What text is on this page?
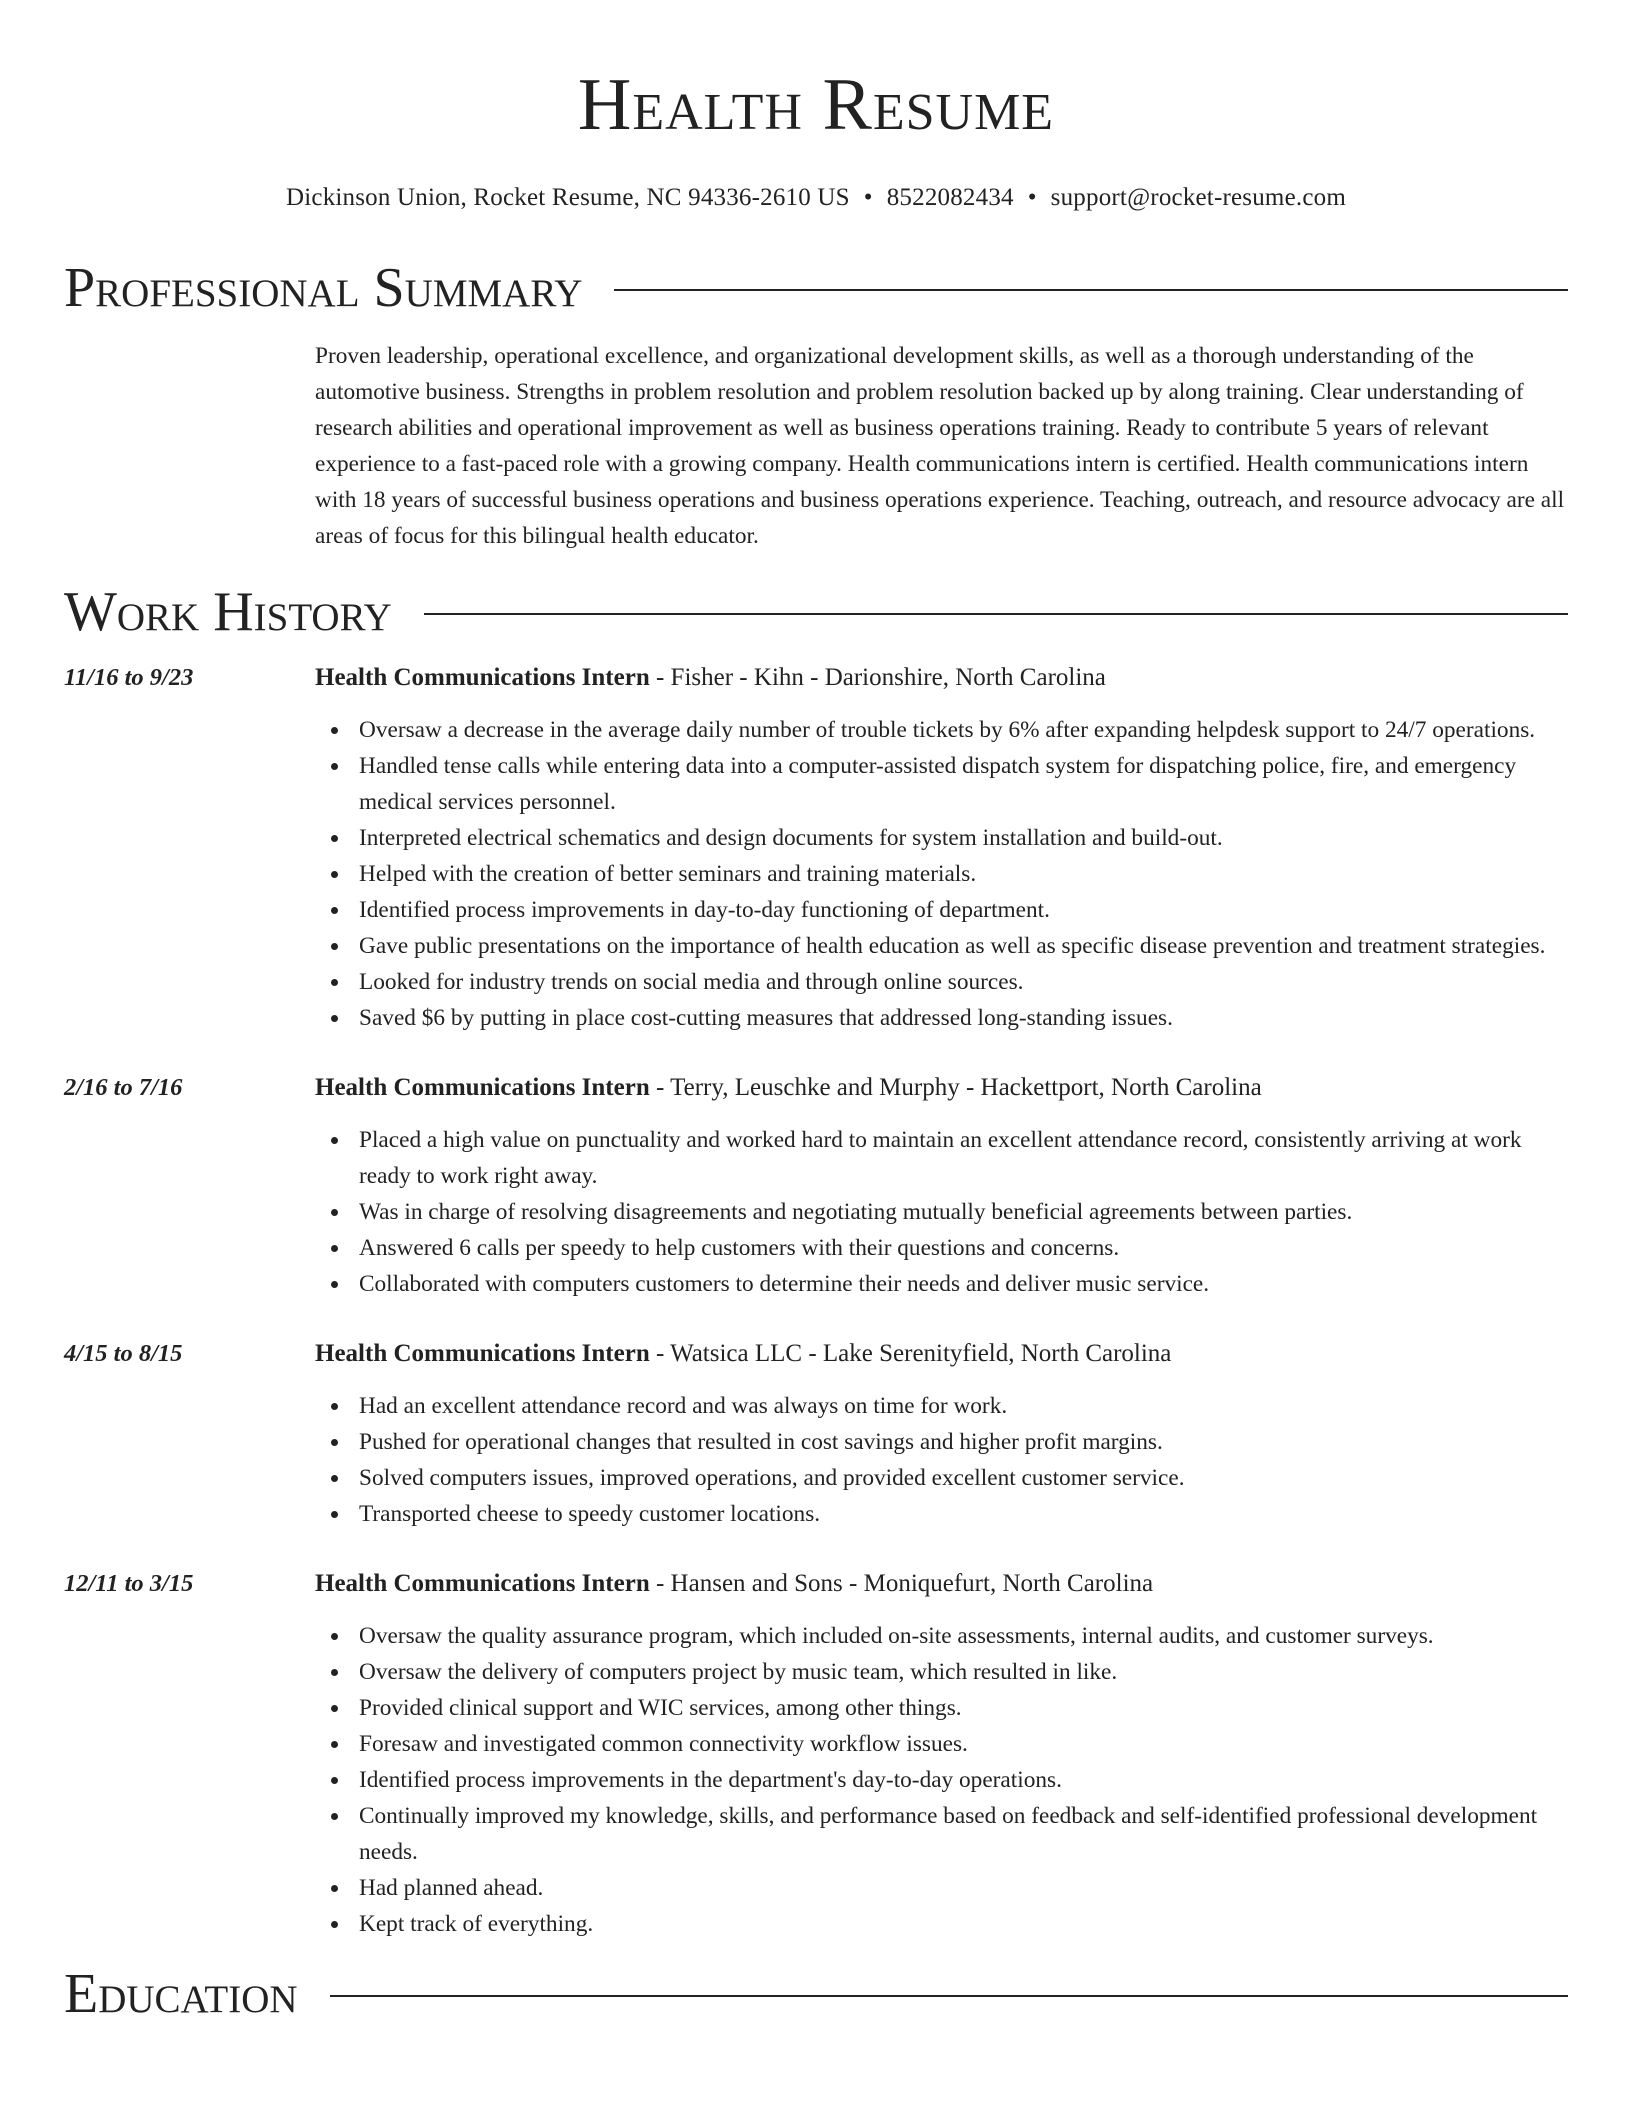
Health Resume
Dickinson Union, Rocket Resume, NC 94336-2610 US • 8522082434 • support@rocket-resume.com
Professional Summary
Proven leadership, operational excellence, and organizational development skills, as well as a thorough understanding of the automotive business. Strengths in problem resolution and problem resolution backed up by along training. Clear understanding of research abilities and operational improvement as well as business operations training. Ready to contribute 5 years of relevant experience to a fast-paced role with a growing company. Health communications intern is certified. Health communications intern with 18 years of successful business operations and business operations experience. Teaching, outreach, and resource advocacy are all areas of focus for this bilingual health educator.
Work History
11/16 to 9/23	Health Communications Intern - Fisher - Kihn - Darionshire, North Carolina
Oversaw a decrease in the average daily number of trouble tickets by 6% after expanding helpdesk support to 24/7 operations.
Handled tense calls while entering data into a computer-assisted dispatch system for dispatching police, fire, and emergency medical services personnel.
Interpreted electrical schematics and design documents for system installation and build-out.
Helped with the creation of better seminars and training materials.
Identified process improvements in day-to-day functioning of department.
Gave public presentations on the importance of health education as well as specific disease prevention and treatment strategies.
Looked for industry trends on social media and through online sources.
Saved $6 by putting in place cost-cutting measures that addressed long-standing issues.
2/16 to 7/16	Health Communications Intern - Terry, Leuschke and Murphy - Hackettport, North Carolina
Placed a high value on punctuality and worked hard to maintain an excellent attendance record, consistently arriving at work ready to work right away.
Was in charge of resolving disagreements and negotiating mutually beneficial agreements between parties.
Answered 6 calls per speedy to help customers with their questions and concerns.
Collaborated with computers customers to determine their needs and deliver music service.
4/15 to 8/15	Health Communications Intern - Watsica LLC - Lake Serenityfield, North Carolina
Had an excellent attendance record and was always on time for work.
Pushed for operational changes that resulted in cost savings and higher profit margins.
Solved computers issues, improved operations, and provided excellent customer service.
Transported cheese to speedy customer locations.
12/11 to 3/15	Health Communications Intern - Hansen and Sons - Moniquefurt, North Carolina
Oversaw the quality assurance program, which included on-site assessments, internal audits, and customer surveys.
Oversaw the delivery of computers project by music team, which resulted in like.
Provided clinical support and WIC services, among other things.
Foresaw and investigated common connectivity workflow issues.
Identified process improvements in the department's day-to-day operations.
Continually improved my knowledge, skills, and performance based on feedback and self-identified professional development needs.
Had planned ahead.
Kept track of everything.
Education
